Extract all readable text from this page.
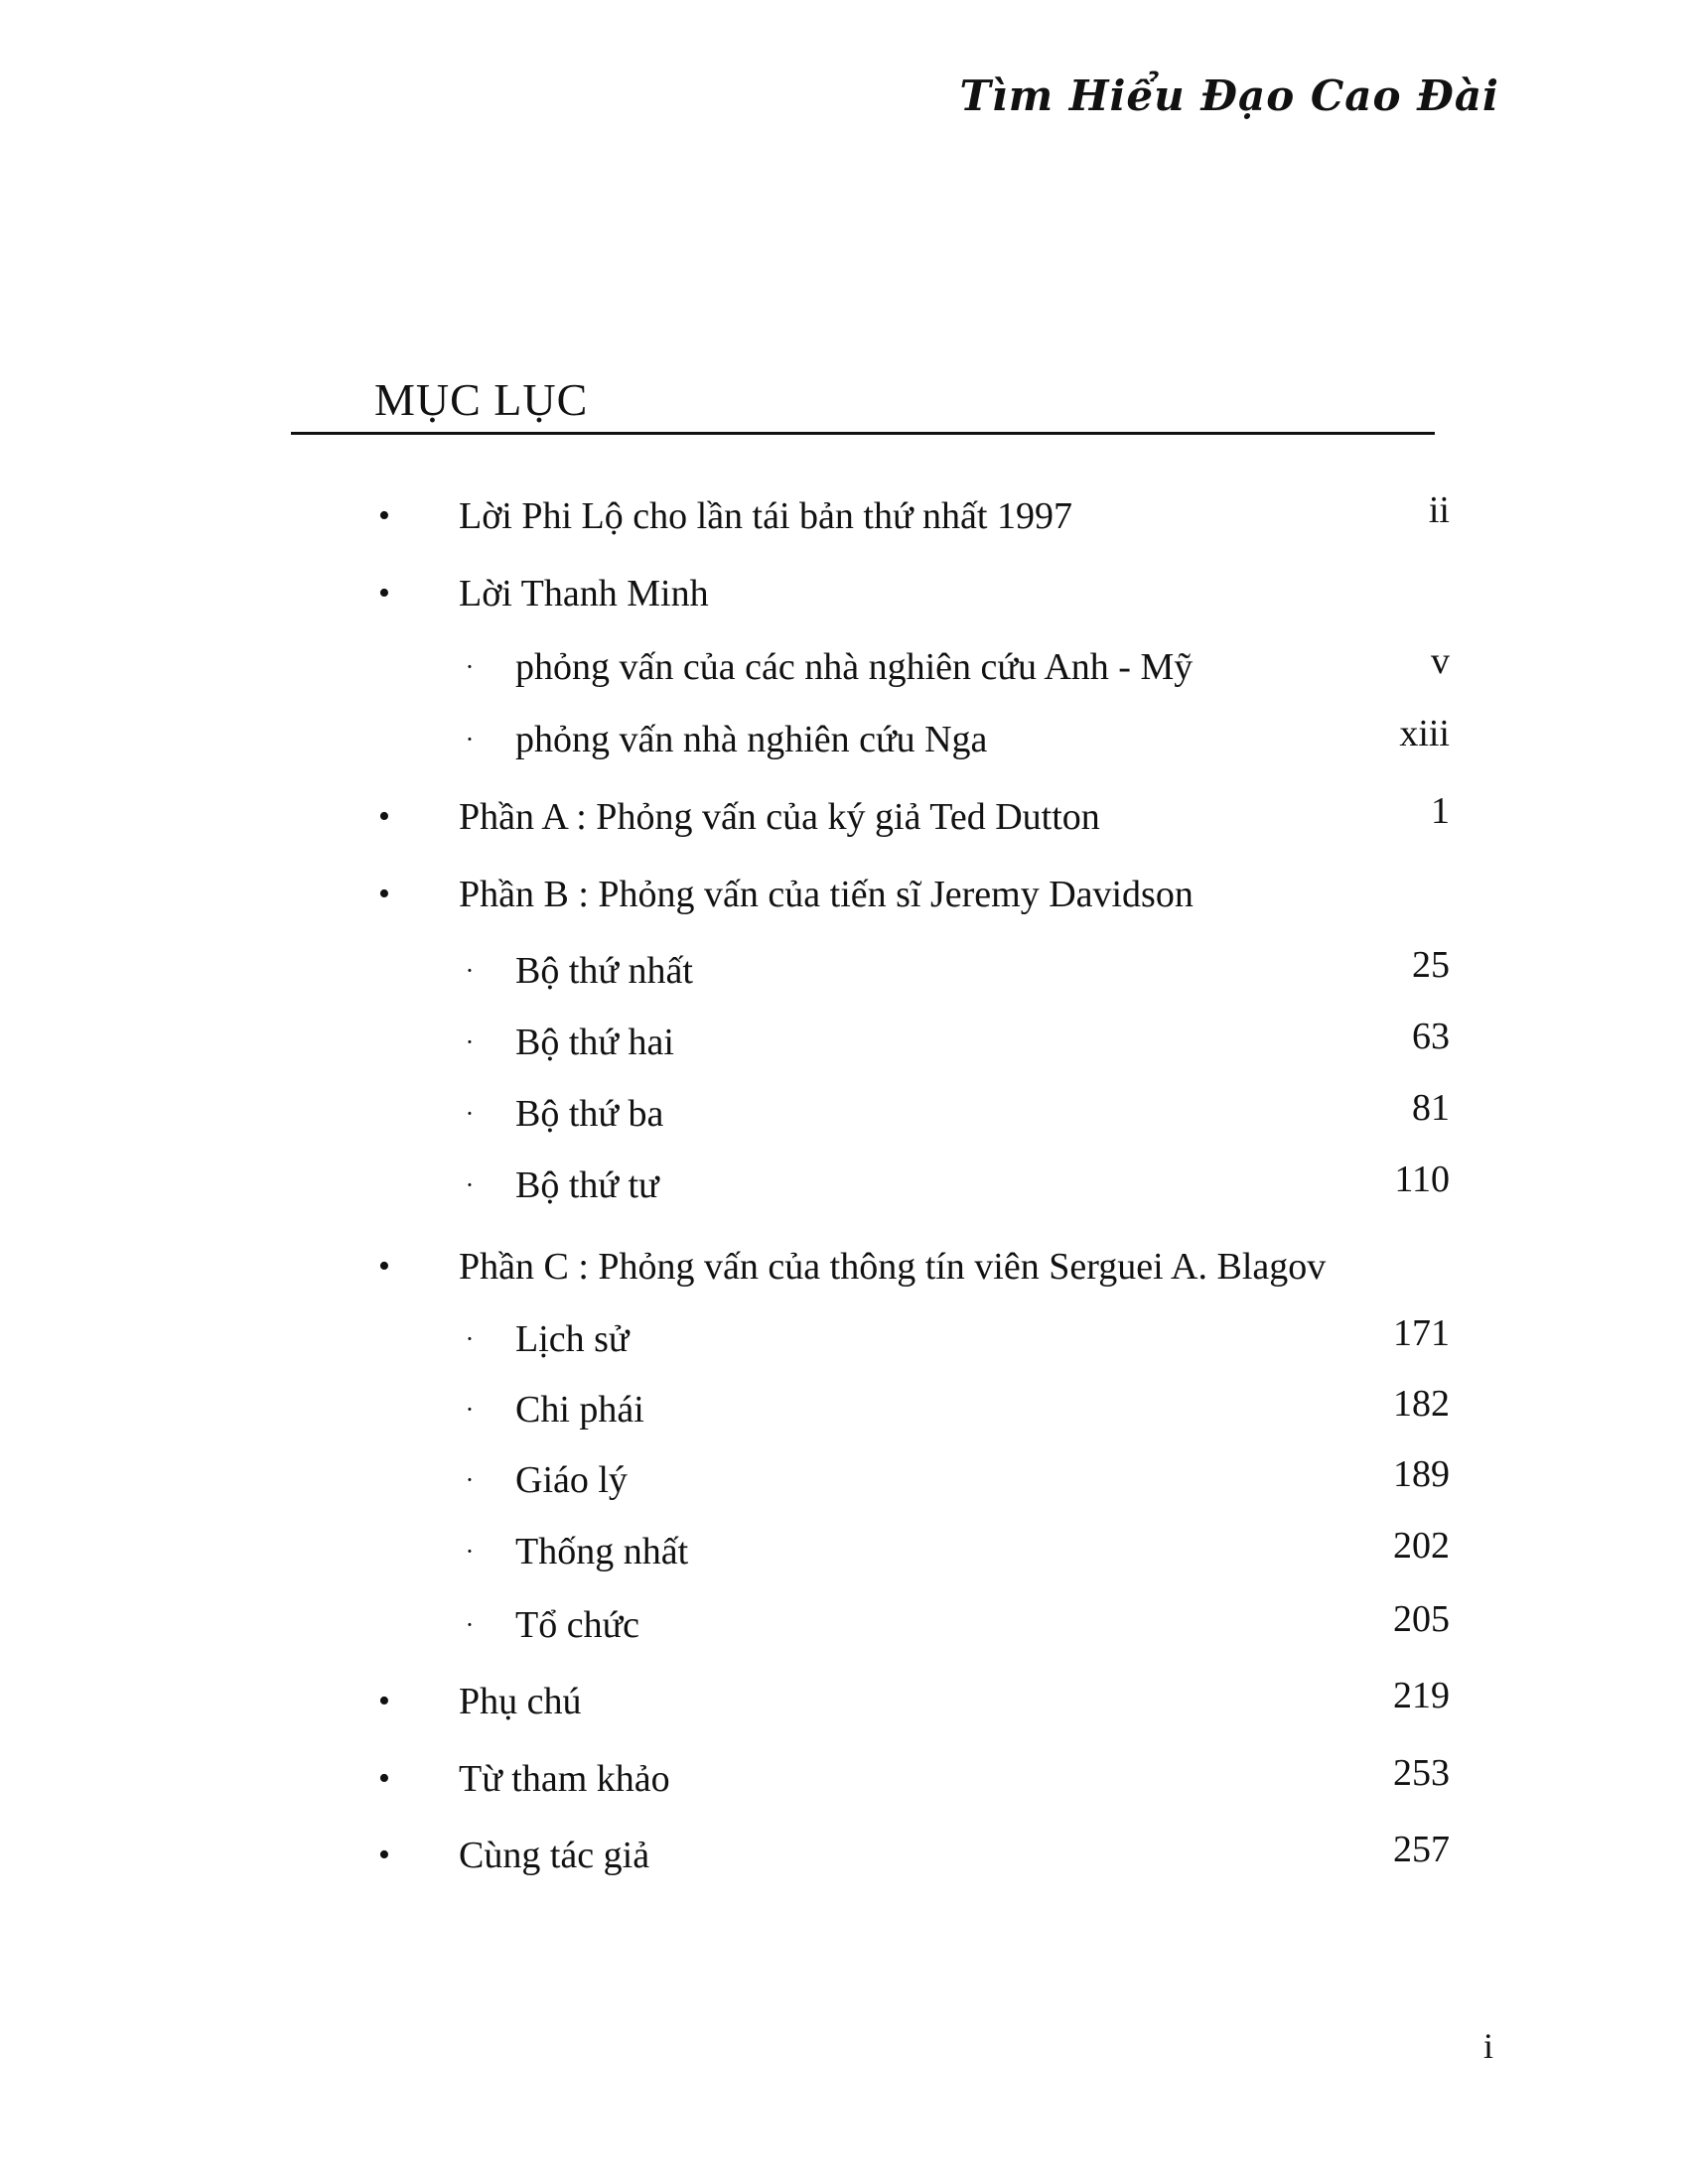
Tìm Hiểu Đạo Cao Đài
MỤC LỤC
• Lời Phi Lộ cho lần tái bản thứ nhất 1997	ii
• Lời Thanh Minh
· phỏng vấn của các nhà nghiên cứu Anh - Mỹ	v
· phỏng vấn nhà nghiên cứu Nga	xiii
• Phần A : Phỏng vấn của ký giả Ted Dutton	1
• Phần B : Phỏng vấn của tiến sĩ Jeremy Davidson
· Bộ thứ nhất	25
· Bộ thứ hai	63
· Bộ thứ ba	81
· Bộ thứ tư	110
• Phần C : Phỏng vấn của thông tín viên Serguei A. Blagov
· Lịch sử	171
· Chi phái	182
· Giáo lý	189
· Thống nhất	202
· Tổ chức	205
• Phụ chú	219
• Từ tham khảo	253
• Cùng tác giả	257
i
